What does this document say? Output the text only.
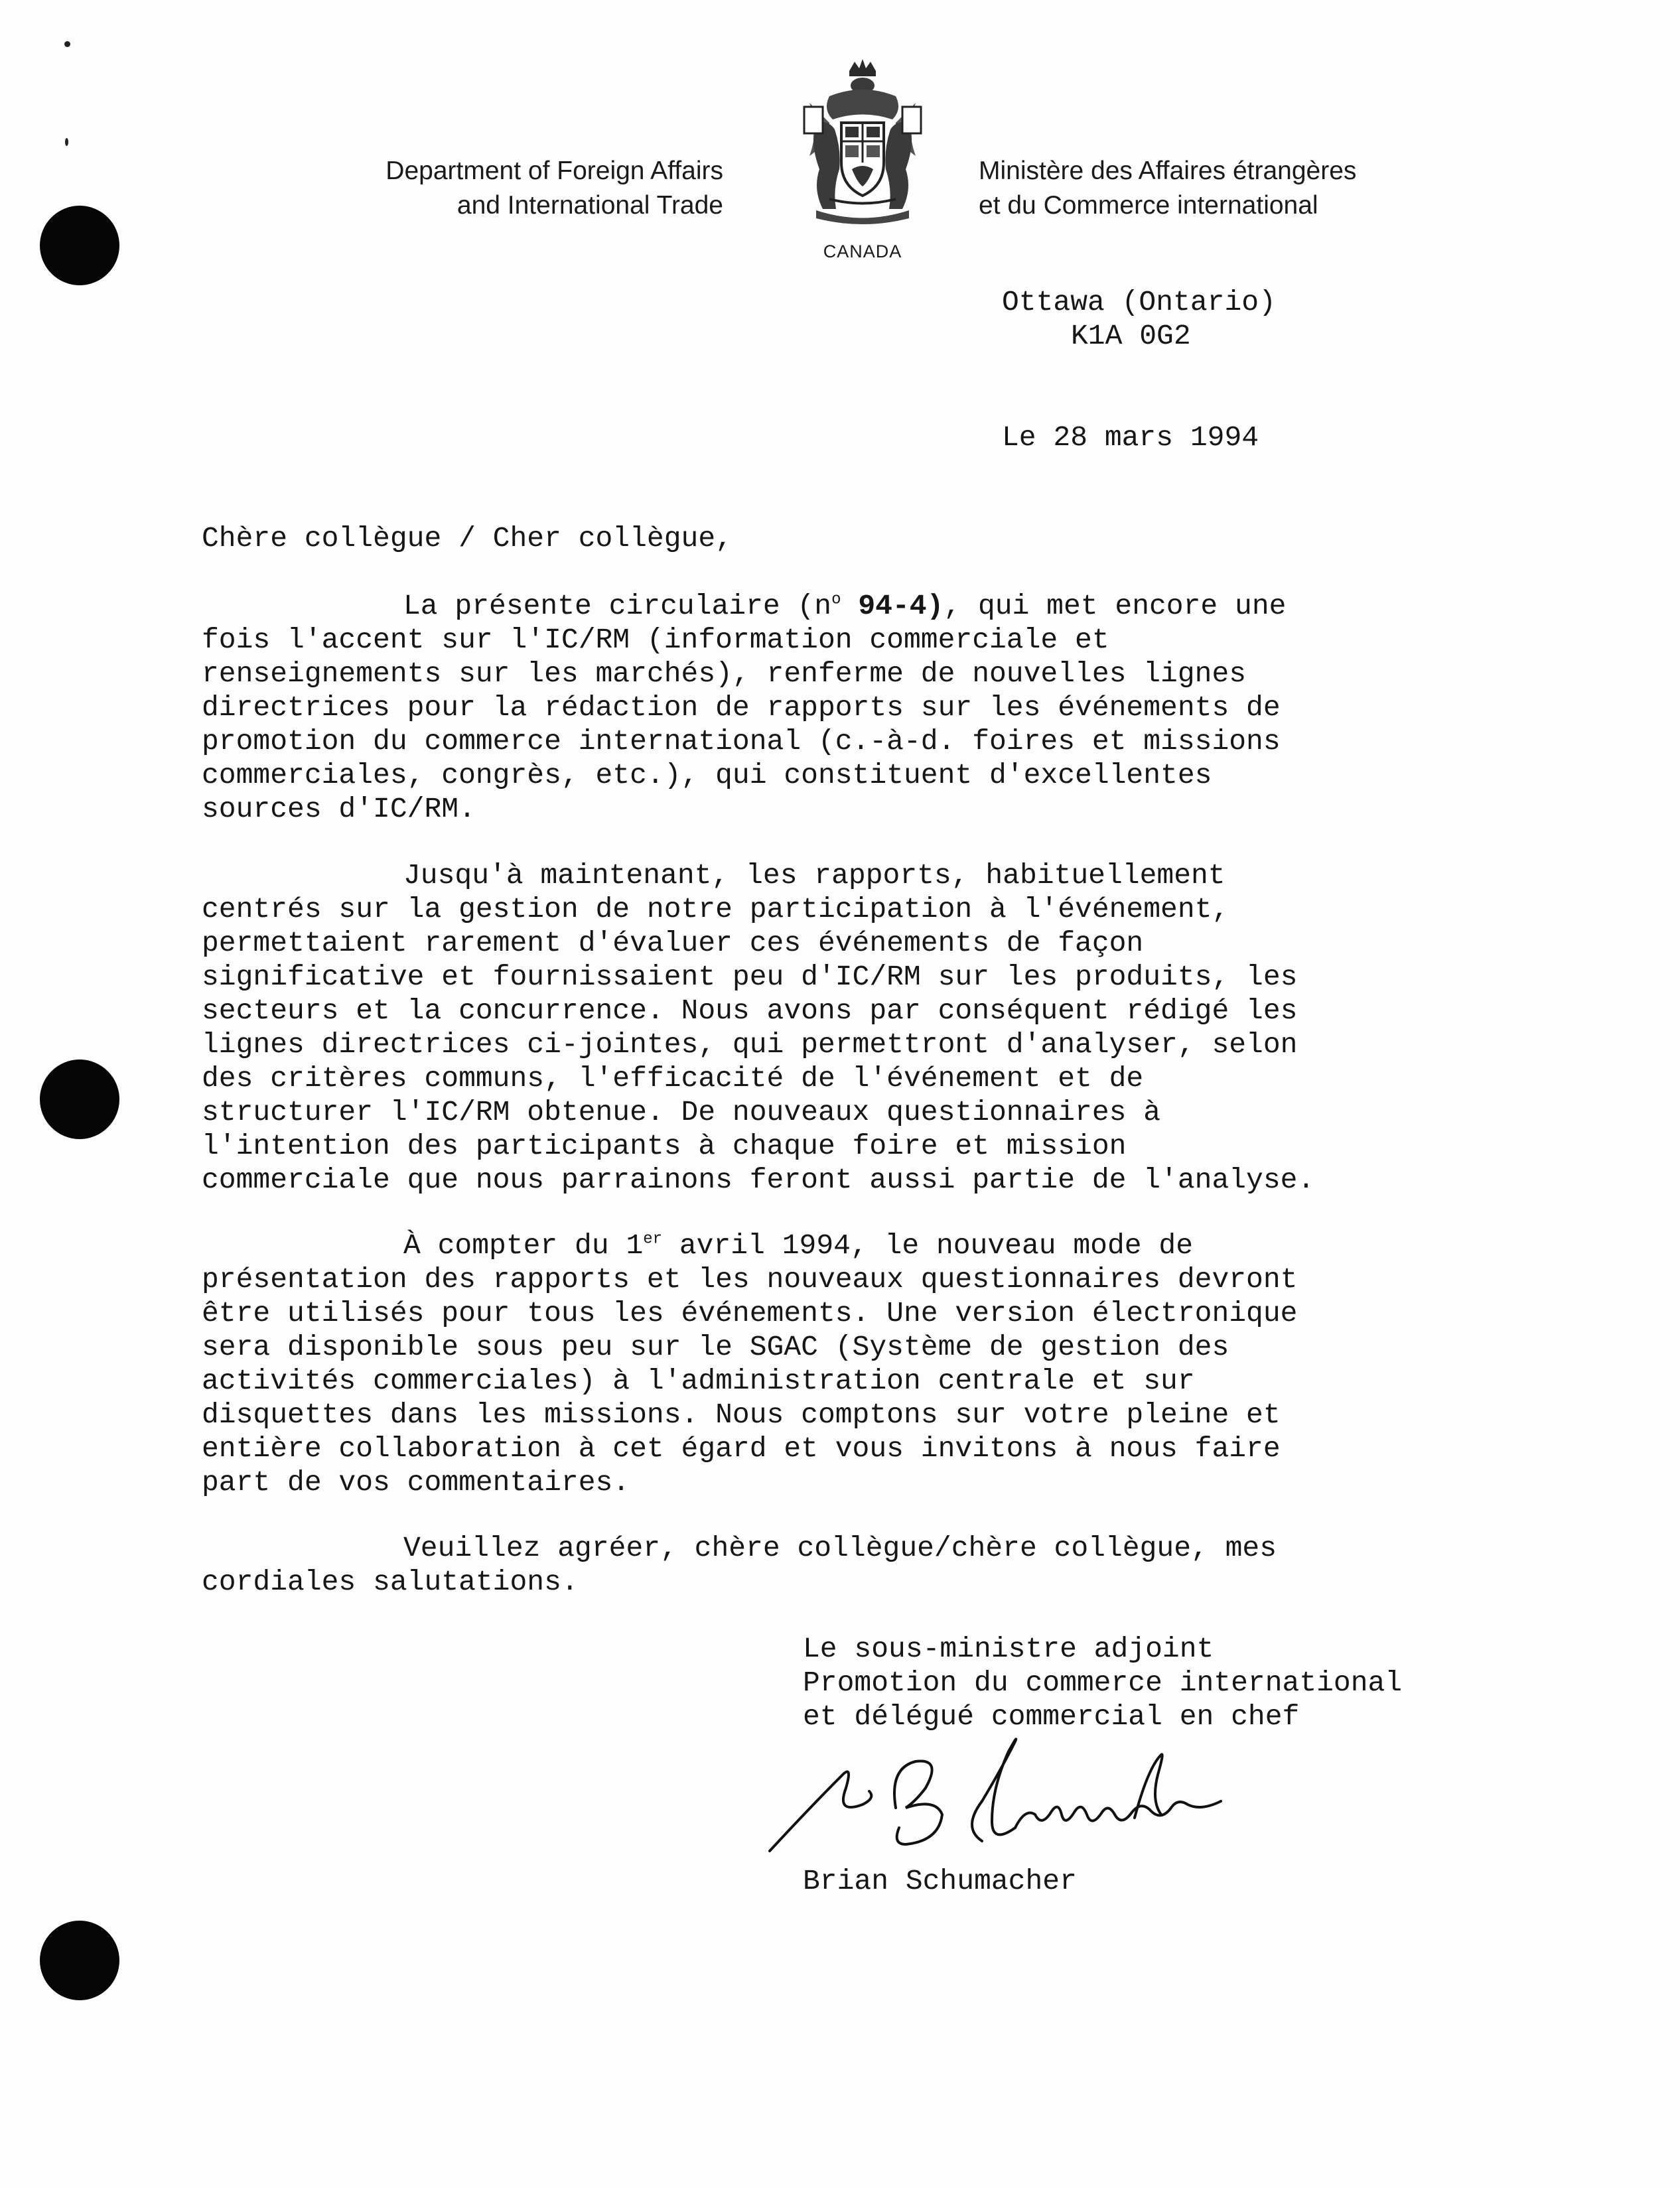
Department of Foreign Affairs
and International Trade
CANADA
Ministère des Affaires étrangères
et du Commerce international
Ottawa (Ontario)
K1A 0G2
Le 28 mars 1994
Chère collègue / Cher collègue,
La présente circulaire ($n^o$ 94-4), qui met encore une
fois l'accent sur l'IC/RM (information commerciale et
renseignements sur les marchés), renferme de nouvelles lignes
directrices pour la rédaction de rapports sur les événements de
promotion du commerce international (c.-à-d. foires et missions
commerciales, congrès, etc.), qui constituent d'excellentes
sources d'IC/RM.
Jusqu'à maintenant, les rapports, habituellement
centrés sur la gestion de notre participation à l'événement,
permettaient rarement d'évaluer ces événements de façon
significative et fournissaient peu d'IC/RM sur les produits, les
secteurs et la concurrence. Nous avons par conséquent rédigé les
lignes directrices ci-jointes, qui permettront d'analyser, selon
des critères communs, l'efficacité de l'événement et de
structurer l'IC/RM obtenue. De nouveaux questionnaires à
l'intention des participants à chaque foire et mission
commerciale que nous parrainons feront aussi partie de l'analyse.
À compter du 1er avril 1994, le nouveau mode de
présentation des rapports et les nouveaux questionnaires devront
être utilisés pour tous les événements. Une version électronique
sera disponible sous peu sur le SGAC (Système de gestion des
activités commerciales) à l'administration centrale et sur
disquettes dans les missions. Nous comptons sur votre pleine et
entière collaboration à cet égard et vous invitons à nous faire
part de vos commentaires.
Veuillez agréer, chère collègue/chère collègue, mes
cordiales salutations.
Le sous-ministre adjoint
Promotion du commerce international
et délégué commercial en chef
Brian Schumacher
